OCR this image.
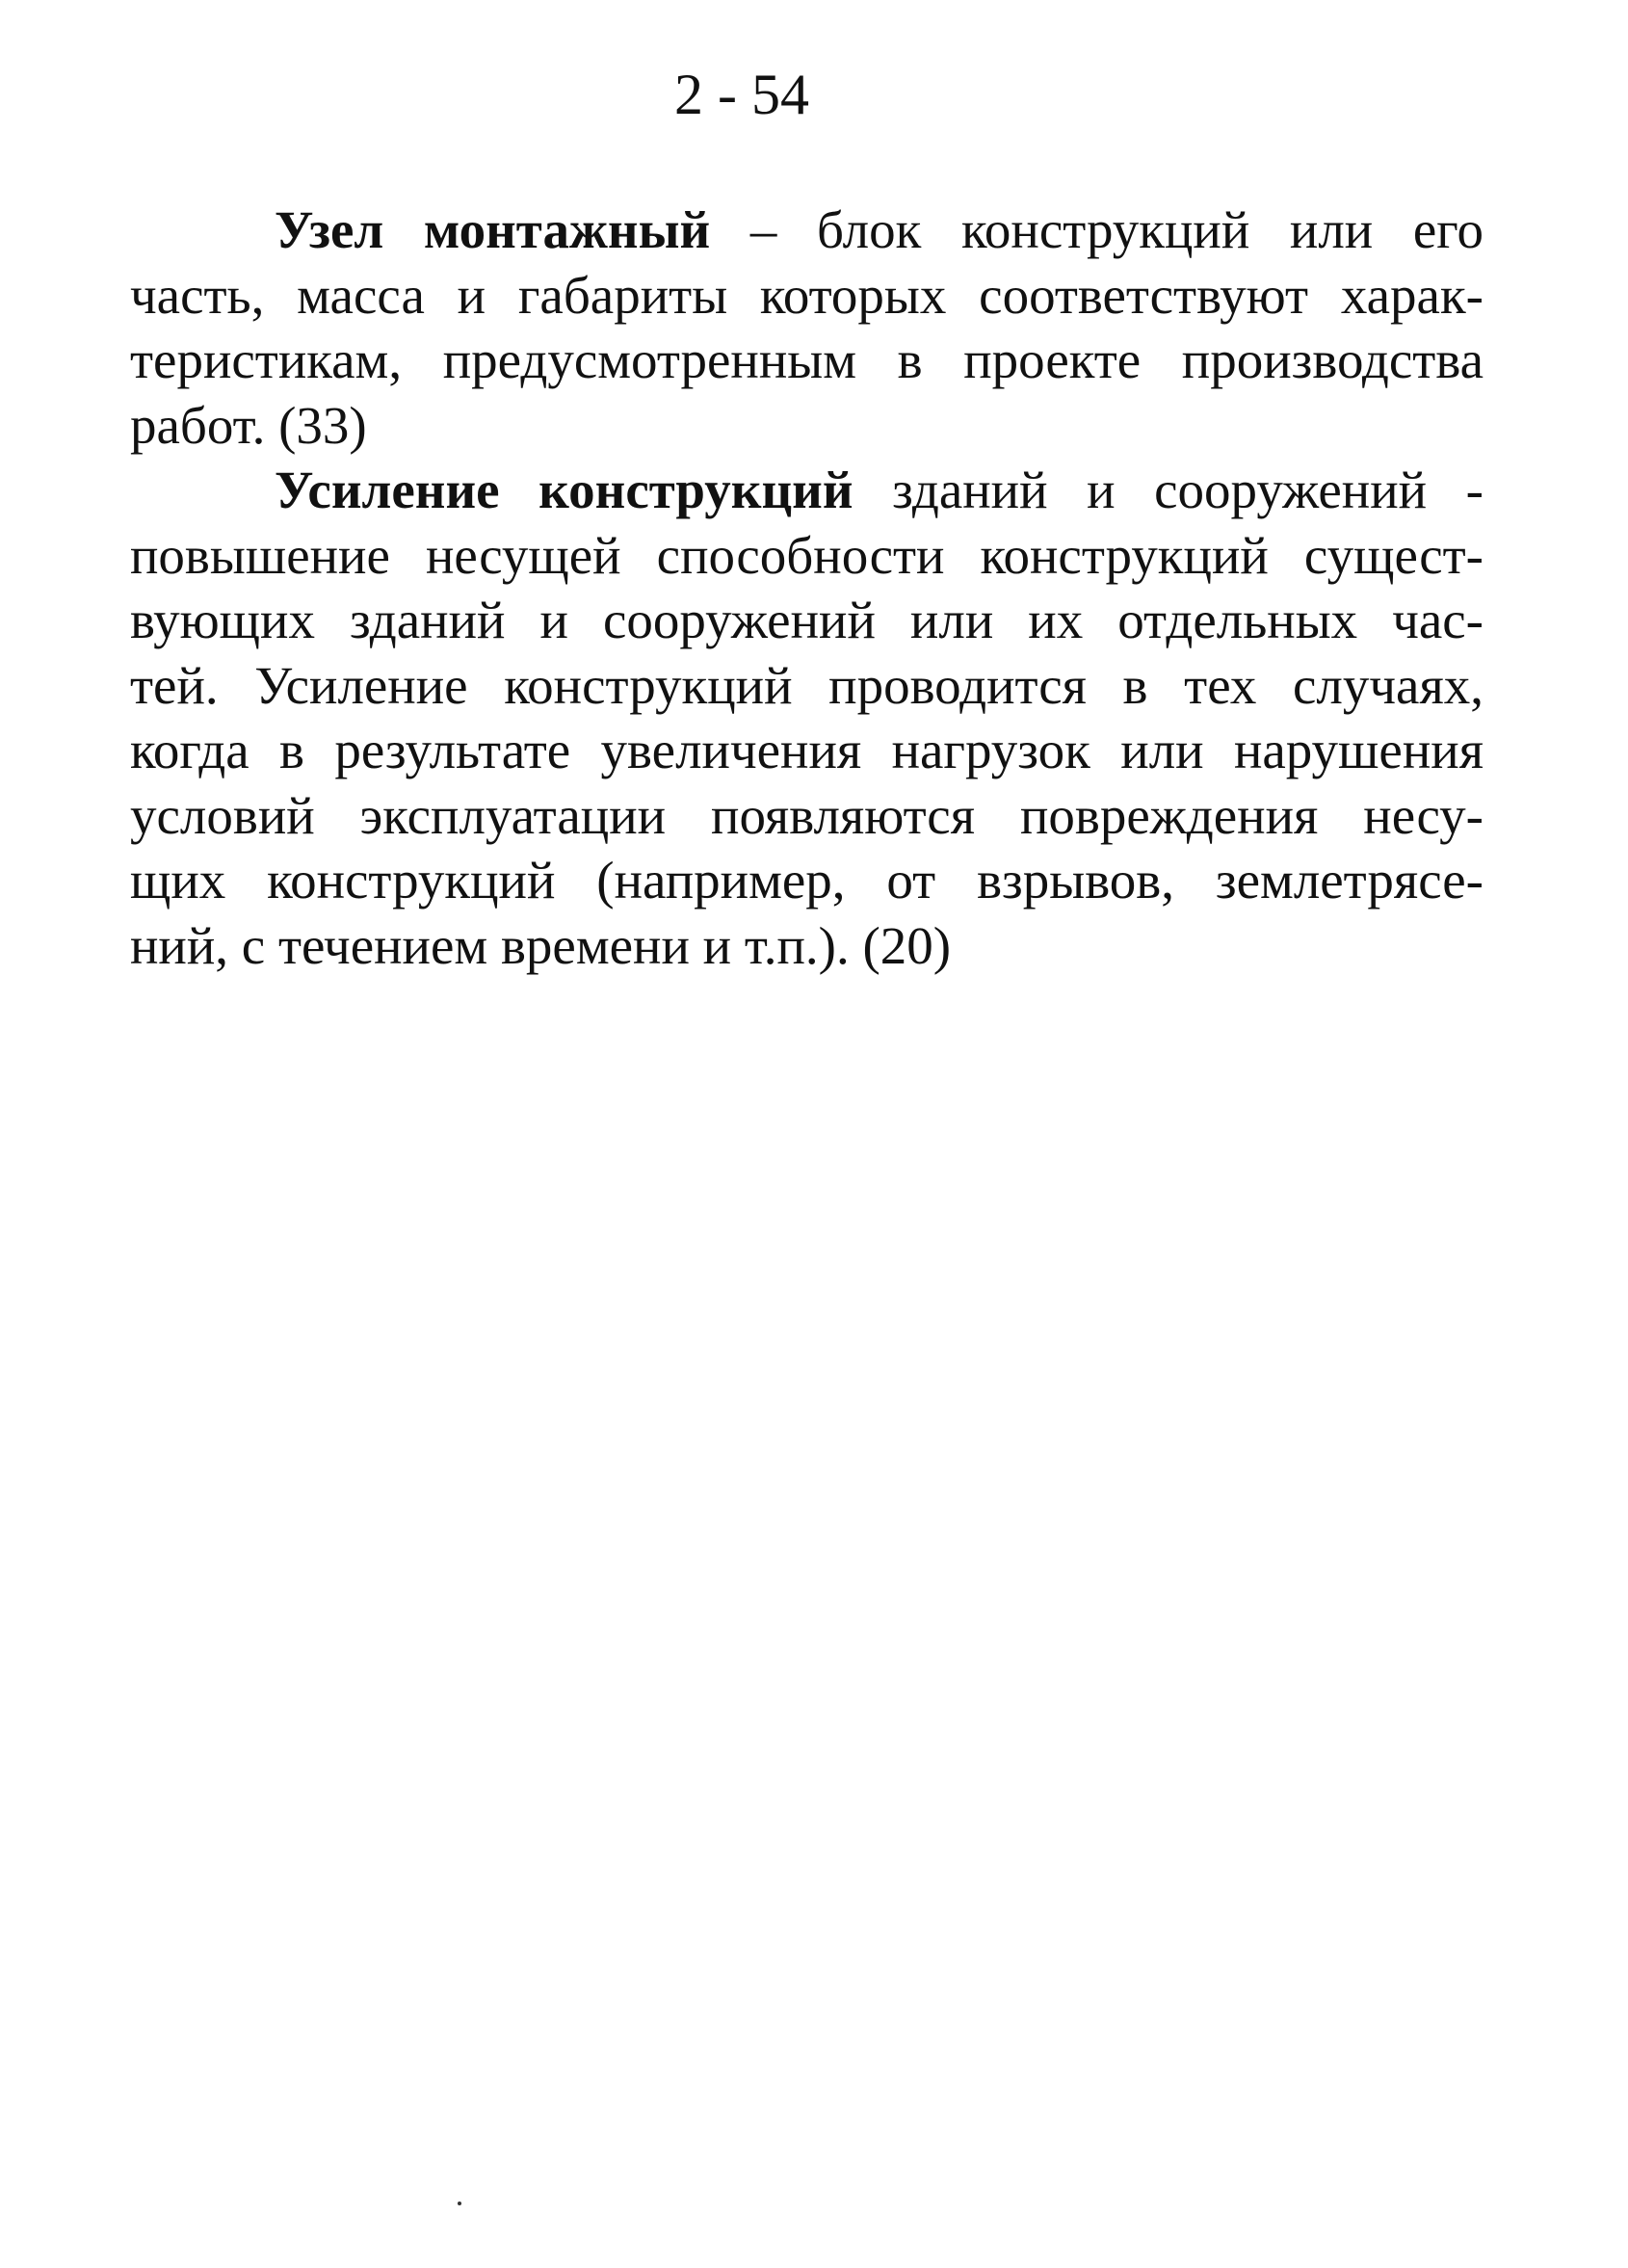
2 - 54
Узел монтажный – блок конструкций или его
часть, масса и габариты которых соответствуют харак-
теристикам, предусмотренным в проекте производства
работ. (33)
Усиление конструкций зданий и сооружений -
повышение несущей способности конструкций сущест-
вующих зданий и сооружений или их отдельных час-
тей. Усиление конструкций проводится в тех случаях,
когда в результате увеличения нагрузок или нарушения
условий эксплуатации появляются повреждения несу-
щих конструкций (например, от взрывов, землетрясе-
ний, с течением времени и т.п.). (20)
